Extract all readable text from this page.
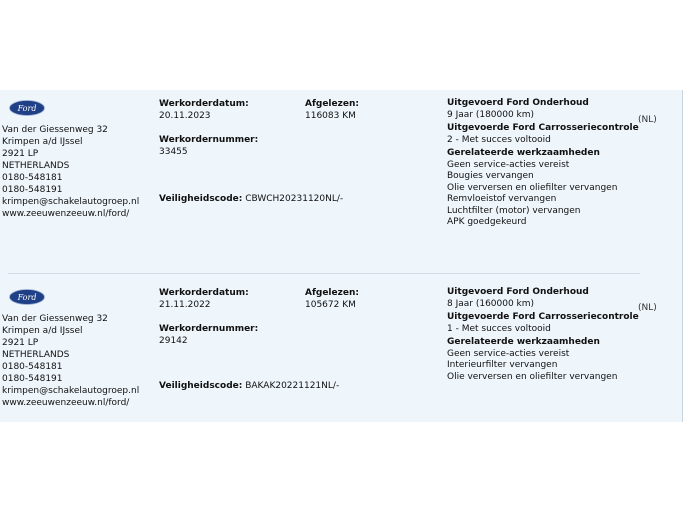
Ford
Van der Giessenweg 32
Krimpen a/d IJssel
2921 LP
NETHERLANDS
0180-548181
0180-548191
krimpen@schakelautogroep.nl
www.zeeuwenzeeuw.nl/ford/
Werkorderdatum:
20.11.2023
Werkordernummer:
33455
Veiligheidscode: CBWCH20231120NL/-
Afgelezen:
116083 KM
Uitgevoerd Ford Onderhoud
9 Jaar (180000 km)
Uitgevoerde Ford Carrosseriecontrole
2 - Met succes voltooid
Gerelateerde werkzaamheden
Geen service-acties vereist
Bougies vervangen
Olie verversen en oliefilter vervangen
Remvloeistof vervangen
Luchtfilter (motor) vervangen
APK goedgekeurd
(NL)
Ford
Van der Giessenweg 32
Krimpen a/d IJssel
2921 LP
NETHERLANDS
0180-548181
0180-548191
krimpen@schakelautogroep.nl
www.zeeuwenzeeuw.nl/ford/
Werkorderdatum:
21.11.2022
Werkordernummer:
29142
Veiligheidscode: BAKAK20221121NL/-
Afgelezen:
105672 KM
Uitgevoerd Ford Onderhoud
8 Jaar (160000 km)
Uitgevoerde Ford Carrosseriecontrole
1 - Met succes voltooid
Gerelateerde werkzaamheden
Geen service-acties vereist
Interieurfilter vervangen
Olie verversen en oliefilter vervangen
(NL)
